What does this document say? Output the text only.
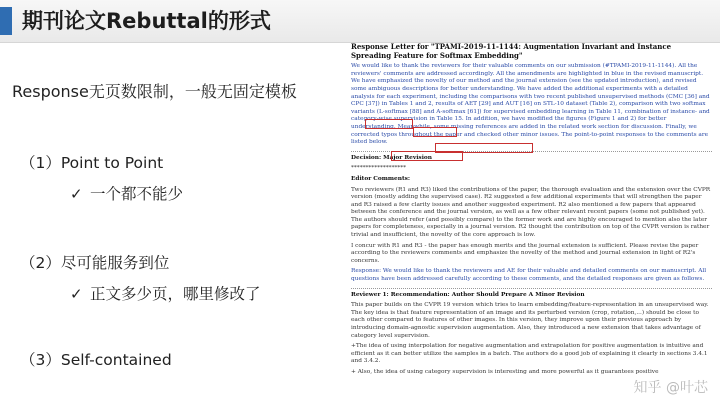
期刊论文Rebuttal的形式
Response无页数限制，一般无固定模板
（1）Point to Point
✓ 一个都不能少
（2）尽可能服务到位
✓ 正文多少页，哪里修改了
（3）Self-contained

Response Letter for "TPAMI-2019-11-1144: Augmentation Invariant and Instance Spreading Feature for Softmax Embedding"

We would like to thank the reviewers for their valuable comments on our submission (#TPAMI-2019-11-1144). All the reviewers' comments are addressed accordingly. All the amendments are highlighted in blue in the revised manuscript. We have emphasized the novelty of our method and the journal extension (see the updated introduction), and revised some ambiguous descriptions for better understanding. We have added the additional experiments with a detailed analysis for each experiment, including the comparisons with two recent published unsupervised methods (CMC [36] and CPC [37]) in Tables 1 and 2, results of AET [29] and AUT [16] on STL-10 dataset (Table 2), comparison with two softmax variants (L-softmax [88] and A-softmax [61]) for supervised embedding learning in Table 11, combination of instance- and category-wise supervision in Table 15. In addition, we have modified the figures (Figure 1 and 2) for better understanding. Meanwhile, some missing references are added in the related work section for discussion. Finally, we corrected typos throughout the paper and checked other minor issues. The point-to-point responses to the comments are listed below.

Decision: Major Revision

*******************

Editor Comments:

Two reviewers (R1 and R3) liked the contributions of the paper, the thorough evaluation and the extension over the CVPR version (mostly adding the supervised case). R2 suggested a few additional experiments that will strengthen the paper and R3 raised a few clarity issues and another suggested experiment. R2 also mentioned a few papers that appeared between the conference and the journal version, as well as a few other relevant recent papers (some not published yet). The authors should refer (and possibly compare) to the former work and are highly encouraged to mention also the later papers for completeness, especially in a journal version. R2 thought the contribution on top of the CVPR version is rather trivial and insufficient, the novelty of the core approach is low.

I concur with R1 and R3 - the paper has enough merits and the journal extension is sufficient. Please revise the paper according to the reviewers comments and emphasize the novelty of the method and journal extension in light of R2's concerns.

Response: We would like to thank the reviewers and AE for their valuable and detailed comments on our manuscript. All questions have been addressed carefully according to these comments, and the detailed responses are given as follows.

Reviewer 1: Recommendation: Author Should Prepare A Minor Revision

This paper builds on the CVPR 19 version which tries to learn embedding/feature-representation in an unsupervised way. The key idea is that feature representation of an image and its perturbed version (crop, rotation,...) should be close to each other compared to features of other images. In this version, they improve upon their previous approach by introducing domain-agnostic supervision augmentation. Also, they introduced a new extension that takes advantage of category level supervision.

+The idea of using interpolation for negative augmentation and extrapolation for positive augmentation is intuitive and efficient as it can better utilize the samples in a batch. The authors do a good job of explaining it clearly in sections 3.4.1 and 3.4.2.

+ Also, the idea of using category supervision is interesting and more powerful as it guarantees positive

知乎 @叶芯
